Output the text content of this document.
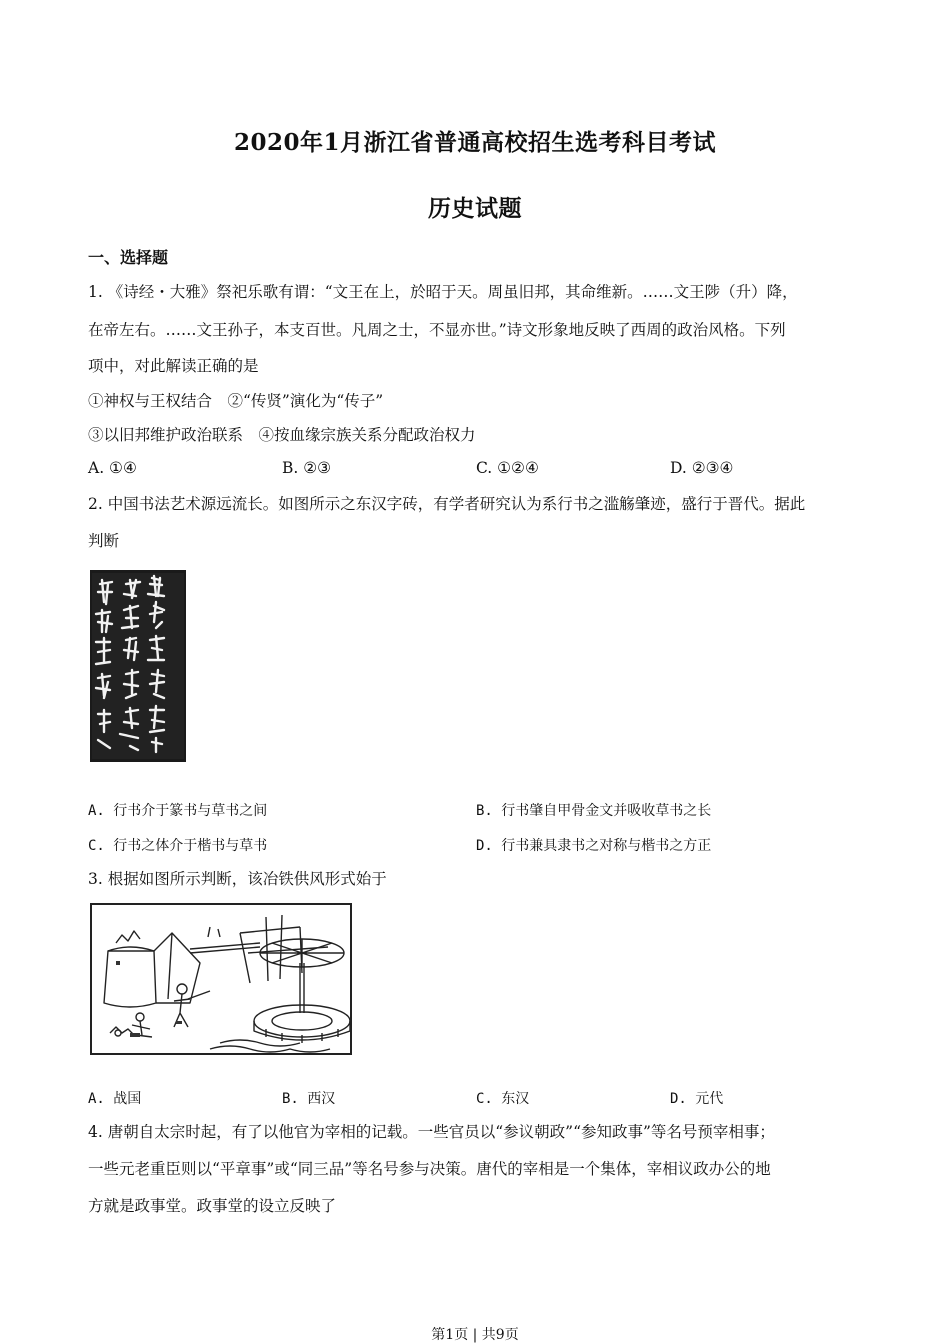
2020年1月浙江省普通高校招生选考科目考试
历史试题
一、选择题
1. 《诗经・大雅》祭祀乐歌有谓：“文王在上，於昭于天。周虽旧邦，其命维新。……文王陟（升）降，
在帝左右。……文王孙子，本支百世。凡周之士，不显亦世。”诗文形象地反映了西周的政治风格。下列
项中，对此解读正确的是
①神权与王权结合　②“传贤”演化为“传子”
③以旧邦维护政治联系　④按血缘宗族关系分配政治权力
A. ①④	B. ②③	C. ①②④	D. ②③④
2. 中国书法艺术源远流长。如图所示之东汉字砖，有学者研究认为系行书之滥觞肇迹，盛行于晋代。据此
判断
A. 行书介于篆书与草书之间	B. 行书肇自甲骨金文并吸收草书之长
C. 行书之体介于楷书与草书	D. 行书兼具隶书之对称与楷书之方正
3. 根据如图所示判断，该冶铁供风形式始于
A. 战国	B. 西汉	C. 东汉	D. 元代
4. 唐朝自太宗时起，有了以他官为宰相的记载。一些官员以“参议朝政”“参知政事”等名号预宰相事；
一些元老重臣则以“平章事”或“同三品”等名号参与决策。唐代的宰相是一个集体，宰相议政办公的地
方就是政事堂。政事堂的设立反映了
第1页 | 共9页
